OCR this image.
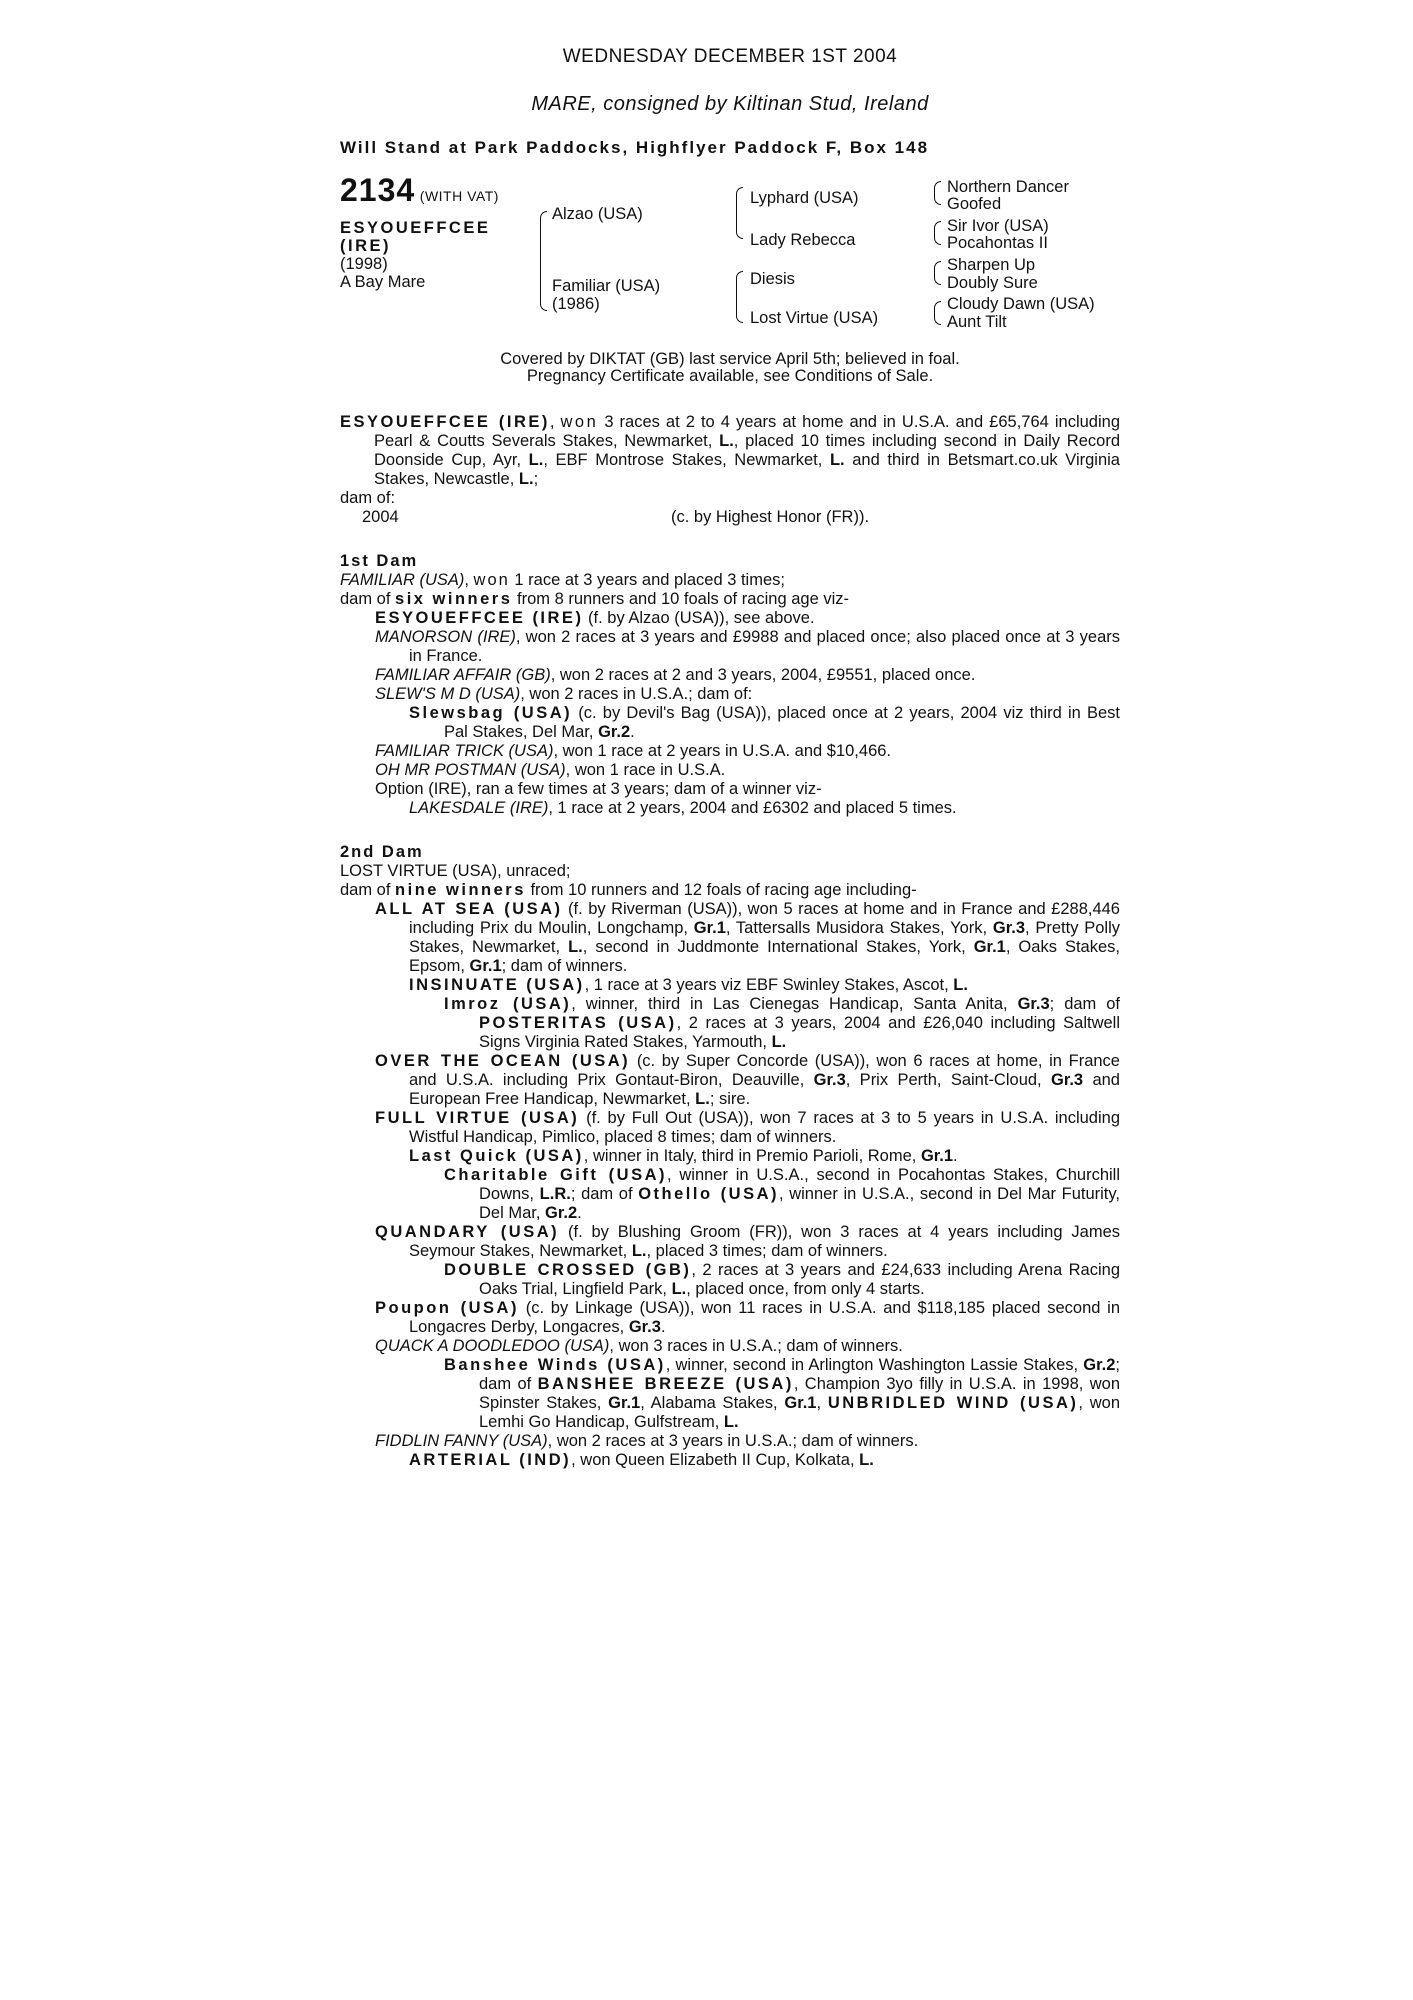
WEDNESDAY DECEMBER 1ST 2004
MARE, consigned by Kiltinan Stud, Ireland
Will Stand at Park Paddocks, Highflyer Paddock F, Box 148
2134 (WITH VAT)
ESYOUEFFCEE
(IRE)
(1998)
A Bay Mare
Alzao (USA)
Familiar (USA)
(1986)
Lyphard (USA)
Lady Rebecca
Diesis
Lost Virtue (USA)
Northern Dancer
Goofed
Sir Ivor (USA)
Pocahontas II
Sharpen Up
Doubly Sure
Cloudy Dawn (USA)
Aunt Tilt
Covered by DIKTAT (GB) last service April 5th; believed in foal.
Pregnancy Certificate available, see Conditions of Sale.
ESYOUEFFCEE (IRE), won 3 races at 2 to 4 years at home and in U.S.A. and £65,764 including Pearl & Coutts Severals Stakes, Newmarket, L., placed 10 times including second in Daily Record Doonside Cup, Ayr, L., EBF Montrose Stakes, Newmarket, L. and third in Betsmart.co.uk Virginia Stakes, Newcastle, L.;
dam of:
2004	(c. by Highest Honor (FR)).
1st Dam
FAMILIAR (USA), won 1 race at 3 years and placed 3 times;
dam of six winners from 8 runners and 10 foals of racing age viz-
ESYOUEFFCEE (IRE) (f. by Alzao (USA)), see above.
MANORSON (IRE), won 2 races at 3 years and £9988 and placed once; also placed once at 3 years in France.
FAMILIAR AFFAIR (GB), won 2 races at 2 and 3 years, 2004, £9551, placed once.
SLEW'S M D (USA), won 2 races in U.S.A.; dam of:
Slewsbag (USA) (c. by Devil's Bag (USA)), placed once at 2 years, 2004 viz third in Best Pal Stakes, Del Mar, Gr.2.
FAMILIAR TRICK (USA), won 1 race at 2 years in U.S.A. and $10,466.
OH MR POSTMAN (USA), won 1 race in U.S.A.
Option (IRE), ran a few times at 3 years; dam of a winner viz-
LAKESDALE (IRE), 1 race at 2 years, 2004 and £6302 and placed 5 times.
2nd Dam
LOST VIRTUE (USA), unraced;
dam of nine winners from 10 runners and 12 foals of racing age including-
ALL AT SEA (USA) (f. by Riverman (USA)), won 5 races at home and in France and £288,446 including Prix du Moulin, Longchamp, Gr.1, Tattersalls Musidora Stakes, York, Gr.3, Pretty Polly Stakes, Newmarket, L., second in Juddmonte International Stakes, York, Gr.1, Oaks Stakes, Epsom, Gr.1; dam of winners.
INSINUATE (USA), 1 race at 3 years viz EBF Swinley Stakes, Ascot, L.
Imroz (USA), winner, third in Las Cienegas Handicap, Santa Anita, Gr.3; dam of POSTERITAS (USA), 2 races at 3 years, 2004 and £26,040 including Saltwell Signs Virginia Rated Stakes, Yarmouth, L.
OVER THE OCEAN (USA) (c. by Super Concorde (USA)), won 6 races at home, in France and U.S.A. including Prix Gontaut-Biron, Deauville, Gr.3, Prix Perth, Saint-Cloud, Gr.3 and European Free Handicap, Newmarket, L.; sire.
FULL VIRTUE (USA) (f. by Full Out (USA)), won 7 races at 3 to 5 years in U.S.A. including Wistful Handicap, Pimlico, placed 8 times; dam of winners.
Last Quick (USA), winner in Italy, third in Premio Parioli, Rome, Gr.1.
Charitable Gift (USA), winner in U.S.A., second in Pocahontas Stakes, Churchill Downs, L.R.; dam of Othello (USA), winner in U.S.A., second in Del Mar Futurity, Del Mar, Gr.2.
QUANDARY (USA) (f. by Blushing Groom (FR)), won 3 races at 4 years including James Seymour Stakes, Newmarket, L., placed 3 times; dam of winners.
DOUBLE CROSSED (GB), 2 races at 3 years and £24,633 including Arena Racing Oaks Trial, Lingfield Park, L., placed once, from only 4 starts.
Poupon (USA) (c. by Linkage (USA)), won 11 races in U.S.A. and $118,185 placed second in Longacres Derby, Longacres, Gr.3.
QUACK A DOODLEDOO (USA), won 3 races in U.S.A.; dam of winners.
Banshee Winds (USA), winner, second in Arlington Washington Lassie Stakes, Gr.2; dam of BANSHEE BREEZE (USA), Champion 3yo filly in U.S.A. in 1998, won Spinster Stakes, Gr.1, Alabama Stakes, Gr.1, UNBRIDLED WIND (USA), won Lemhi Go Handicap, Gulfstream, L.
FIDDLIN FANNY (USA), won 2 races at 3 years in U.S.A.; dam of winners.
ARTERIAL (IND), won Queen Elizabeth II Cup, Kolkata, L.
